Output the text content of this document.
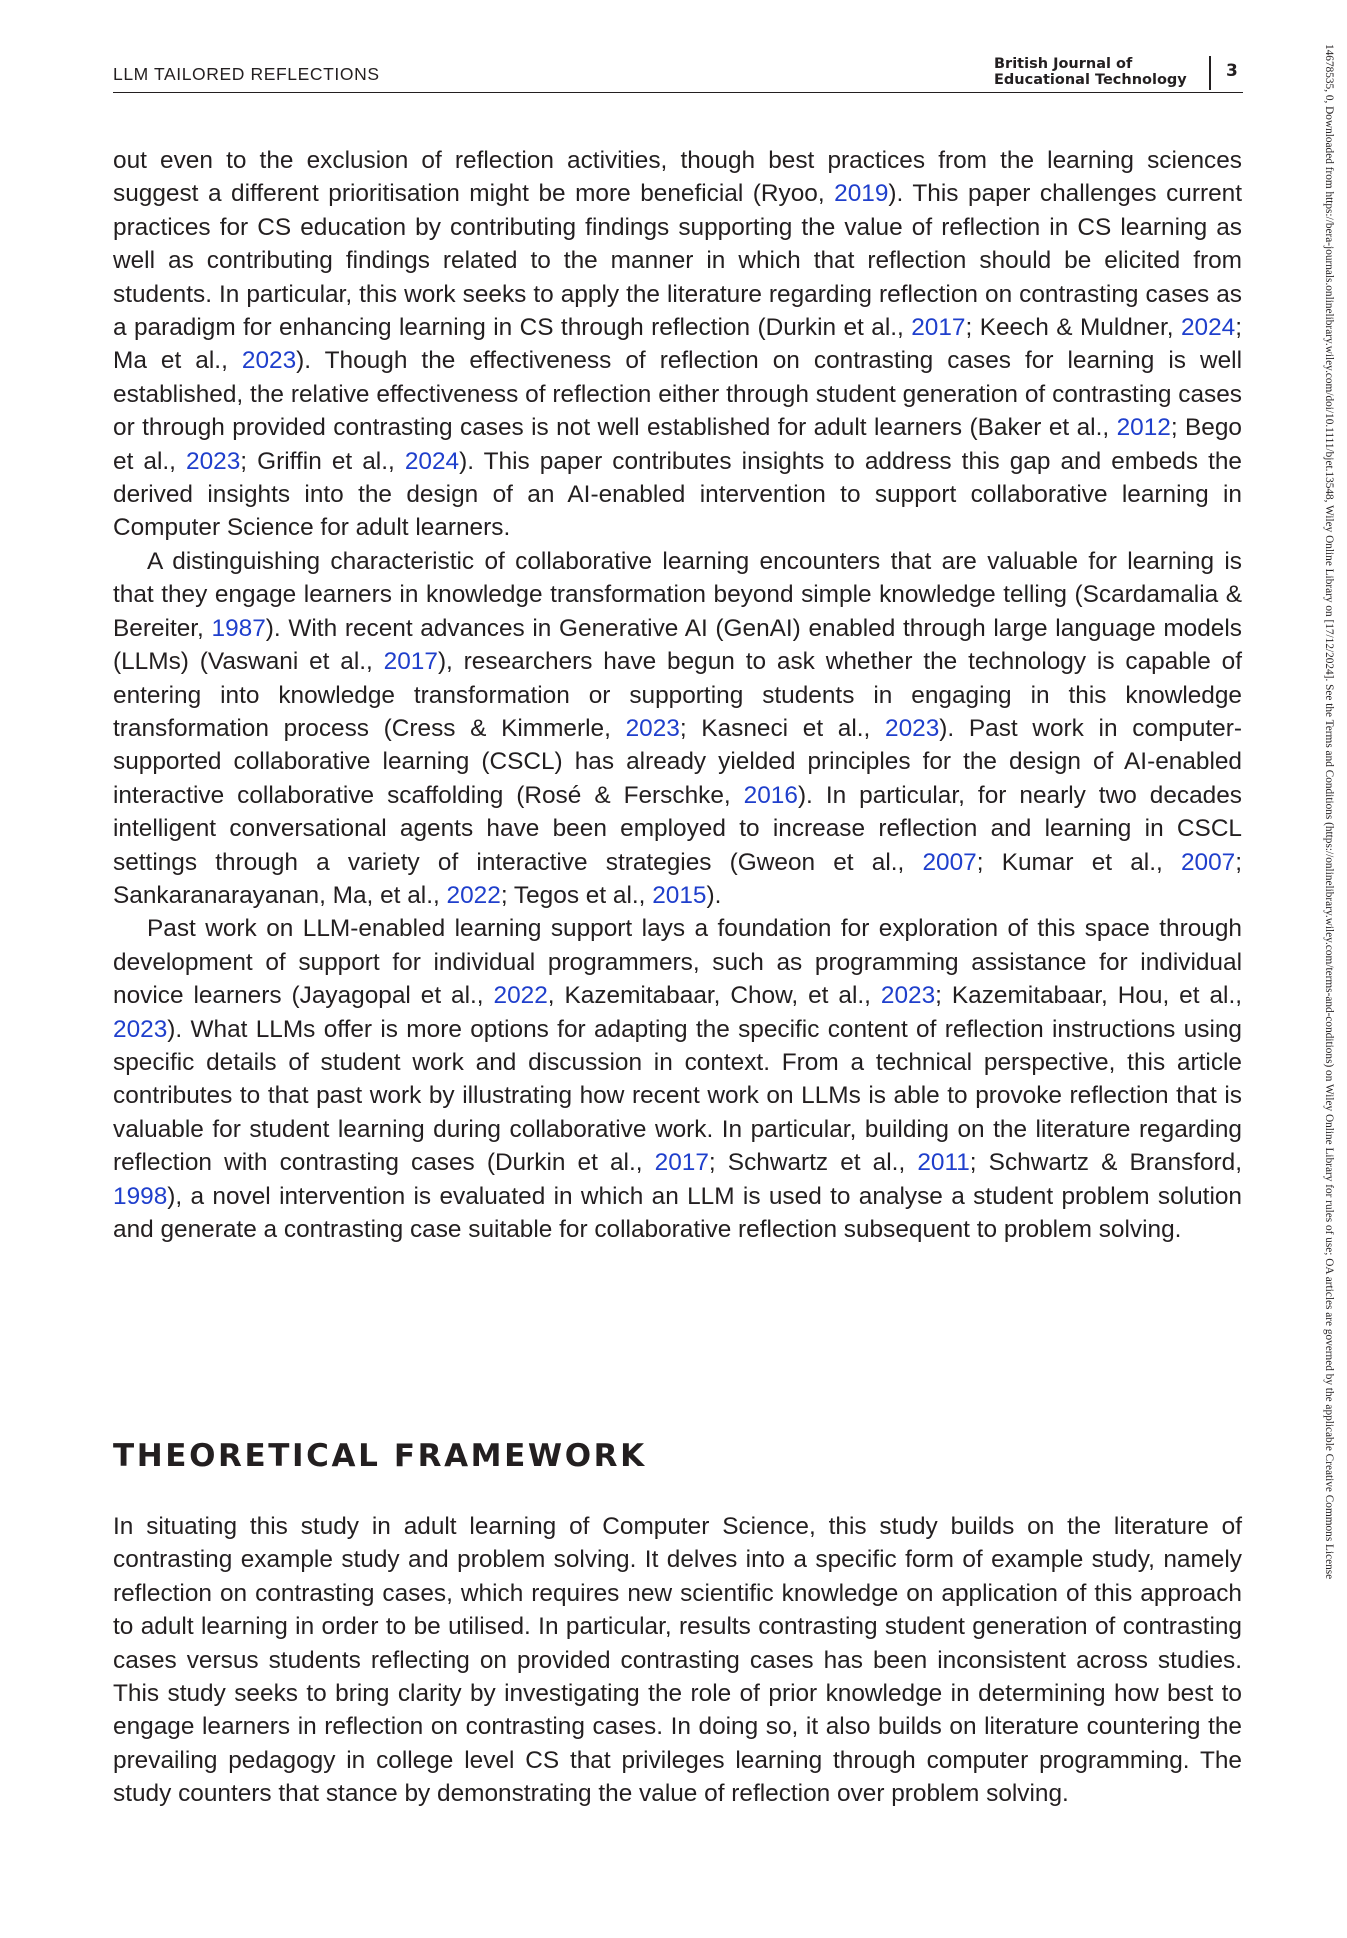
LLM TAILORED REFLECTIONS	British Journal of
Educational Technology 3

out even to the exclusion of reflection activities, though best practices from the learning sciences suggest a different prioritisation might be more beneficial (Ryoo, 2019). This paper challenges current practices for CS education by contributing findings supporting the value of reflection in CS learning as well as contributing findings related to the manner in which that reflection should be elicited from students. In particular, this work seeks to apply the literature regarding reflection on contrasting cases as a paradigm for enhancing learning in CS through reflection (Durkin et al., 2017; Keech & Muldner, 2024; Ma et al., 2023). Though the effectiveness of reflection on contrasting cases for learning is well established, the relative effectiveness of reflection either through student generation of contrasting cases or through provided contrasting cases is not well established for adult learners (Baker et al., 2012; Bego et al., 2023; Griffin et al., 2024). This paper contributes insights to address this gap and embeds the derived insights into the design of an AI-enabled intervention to support collaborative learning in Computer Science for adult learners.

A distinguishing characteristic of collaborative learning encounters that are valuable for learning is that they engage learners in knowledge transformation beyond simple knowledge telling (Scardamalia & Bereiter, 1987). With recent advances in Generative AI (GenAI) enabled through large language models (LLMs) (Vaswani et al., 2017), researchers have begun to ask whether the technology is capable of entering into knowledge transformation or supporting students in engaging in this knowledge transformation process (Cress & Kimmerle, 2023; Kasneci et al., 2023). Past work in computer-supported collaborative learning (CSCL) has already yielded principles for the design of AI-enabled interactive collaborative scaffolding (Rosé & Ferschke, 2016). In particular, for nearly two decades intelligent conversational agents have been employed to increase reflection and learning in CSCL settings through a variety of interactive strategies (Gweon et al., 2007; Kumar et al., 2007; Sankaranarayanan, Ma, et al., 2022; Tegos et al., 2015).

Past work on LLM-enabled learning support lays a foundation for exploration of this space through development of support for individual programmers, such as programming assistance for individual novice learners (Jayagopal et al., 2022, Kazemitabaar, Chow, et al., 2023; Kazemitabaar, Hou, et al., 2023). What LLMs offer is more options for adapting the specific content of reflection instructions using specific details of student work and discussion in context. From a technical perspective, this article contributes to that past work by illustrating how recent work on LLMs is able to provoke reflection that is valuable for student learning during collaborative work. In particular, building on the literature regarding reflection with contrasting cases (Durkin et al., 2017; Schwartz et al., 2011; Schwartz & Bransford, 1998), a novel intervention is evaluated in which an LLM is used to analyse a student problem solution and generate a contrasting case suitable for collaborative reflection subsequent to problem solving.

THEORETICAL FRAMEWORK

In situating this study in adult learning of Computer Science, this study builds on the literature of contrasting example study and problem solving. It delves into a specific form of example study, namely reflection on contrasting cases, which requires new scientific knowledge on application of this approach to adult learning in order to be utilised. In particular, results contrasting student generation of contrasting cases versus students reflecting on provided contrasting cases has been inconsistent across studies. This study seeks to bring clarity by investigating the role of prior knowledge in determining how best to engage learners in reflection on contrasting cases. In doing so, it also builds on literature countering the prevailing pedagogy in college level CS that privileges learning through computer programming. The study counters that stance by demonstrating the value of reflection over problem solving.

14678535, 0, Downloaded from https://bera-journals.onlinelibrary.wiley.com/doi/10.1111/bjet.13548, Wiley Online Library on [17/12/2024]. See the Terms and Conditions (https://onlinelibrary.wiley.com/terms-and-conditions) on Wiley Online Library for rules of use; OA articles are governed by the applicable Creative Commons License
